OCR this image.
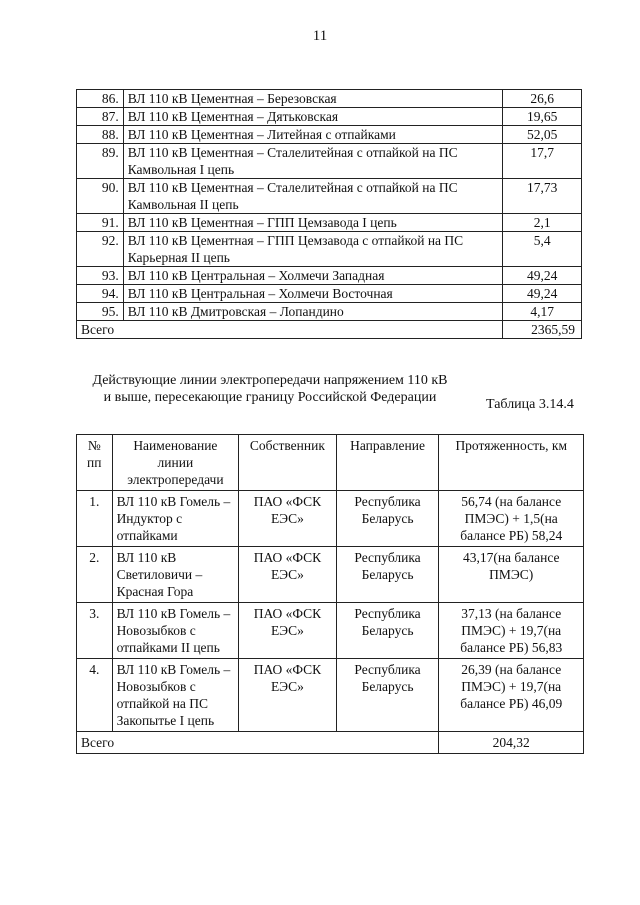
11
86.	ВЛ 110 кВ Цементная – Березовская	26,6
87.	ВЛ 110 кВ Цементная – Дятьковская	19,65
88.	ВЛ 110 кВ Цементная – Литейная с отпайками	52,05
89.	ВЛ 110 кВ Цементная – Сталелитейная с отпайкой на ПС Камвольная I цепь	17,7
90.	ВЛ 110 кВ Цементная – Сталелитейная с отпайкой на ПС Камвольная II цепь	17,73
91.	ВЛ 110 кВ Цементная – ГПП Цемзавода I цепь	2,1
92.	ВЛ 110 кВ Цементная – ГПП Цемзавода с отпайкой на ПС Карьерная II цепь	5,4
93.	ВЛ 110 кВ Центральная – Холмечи Западная	49,24
94.	ВЛ 110 кВ Центральная – Холмечи Восточная	49,24
95.	ВЛ 110 кВ Дмитровская – Лопандино	4,17
Всего		2365,59
Действующие линии электропередачи напряжением 110 кВ и выше, пересекающие границу Российской Федерации	Таблица 3.14.4
№ пп	Наименование линии электропередачи	Собственник	Направление	Протяженность, км
1.	ВЛ 110 кВ Гомель – Индуктор с отпайками	ПАО «ФСК ЕЭС»	Республика Беларусь	56,74 (на балансе ПМЭС) + 1,5(на балансе РБ) 58,24
2.	ВЛ 110 кВ Светиловичи – Красная Гора	ПАО «ФСК ЕЭС»	Республика Беларусь	43,17(на балансе ПМЭС)
3.	ВЛ 110 кВ Гомель – Новозыбков с отпайками II цепь	ПАО «ФСК ЕЭС»	Республика Беларусь	37,13 (на балансе ПМЭС) + 19,7(на балансе РБ) 56,83
4.	ВЛ 110 кВ Гомель – Новозыбков с отпайкой на ПС Закопытье I цепь	ПАО «ФСК ЕЭС»	Республика Беларусь	26,39 (на балансе ПМЭС) + 19,7(на балансе РБ) 46,09
Всего				204,32
